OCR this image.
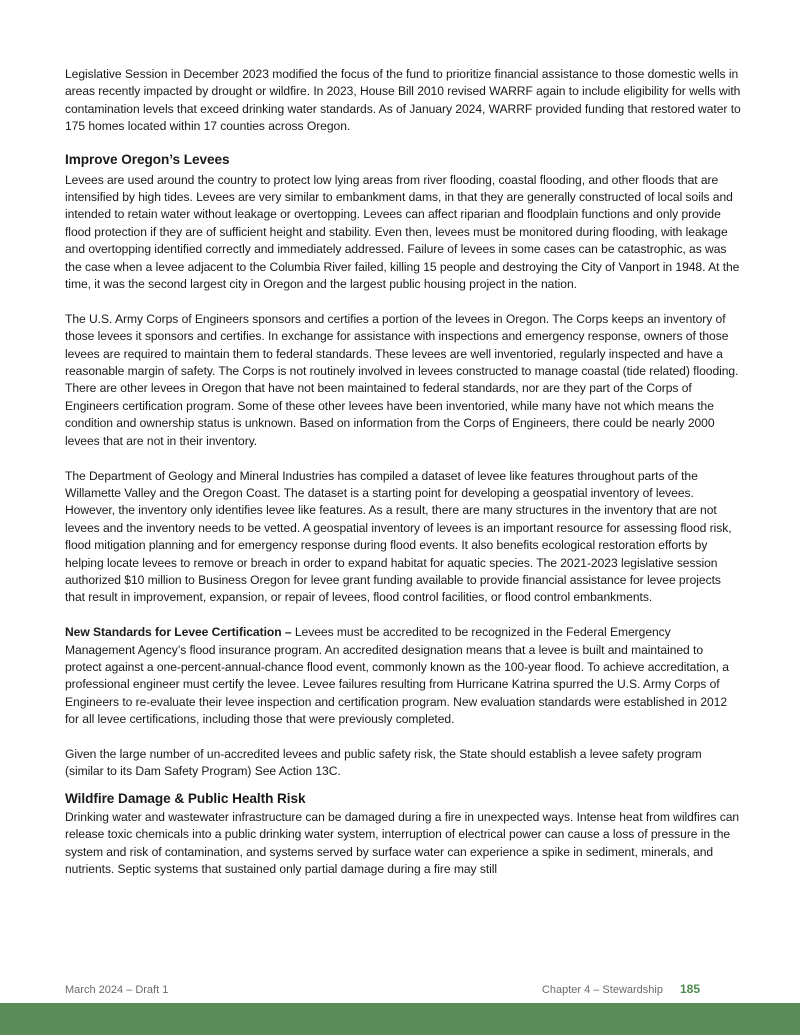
Legislative Session in December 2023 modified the focus of the fund to prioritize financial assistance to those domestic wells in areas recently impacted by drought or wildfire. In 2023, House Bill 2010 revised WARRF again to include eligibility for wells with contamination levels that exceed drinking water standards. As of January 2024, WARRF provided funding that restored water to 175 homes located within 17 counties across Oregon.

Improve Oregon’s Levees

Levees are used around the country to protect low lying areas from river flooding, coastal flooding, and other floods that are intensified by high tides. Levees are very similar to embankment dams, in that they are generally constructed of local soils and intended to retain water without leakage or overtopping. Levees can affect riparian and floodplain functions and only provide flood protection if they are of sufficient height and stability. Even then, levees must be monitored during flooding, with leakage and overtopping identified correctly and immediately addressed. Failure of levees in some cases can be catastrophic, as was the case when a levee adjacent to the Columbia River failed, killing 15 people and destroying the City of Vanport in 1948. At the time, it was the second largest city in Oregon and the largest public housing project in the nation.

The U.S. Army Corps of Engineers sponsors and certifies a portion of the levees in Oregon. The Corps keeps an inventory of those levees it sponsors and certifies. In exchange for assistance with inspections and emergency response, owners of those levees are required to maintain them to federal standards. These levees are well inventoried, regularly inspected and have a reasonable margin of safety. The Corps is not routinely involved in levees constructed to manage coastal (tide related) flooding. There are other levees in Oregon that have not been maintained to federal standards, nor are they part of the Corps of Engineers certification program. Some of these other levees have been inventoried, while many have not which means the condition and ownership status is unknown. Based on information from the Corps of Engineers, there could be nearly 2000 levees that are not in their inventory.

The Department of Geology and Mineral Industries has compiled a dataset of levee like features throughout parts of the Willamette Valley and the Oregon Coast. The dataset is a starting point for developing a geospatial inventory of levees. However, the inventory only identifies levee like features. As a result, there are many structures in the inventory that are not levees and the inventory needs to be vetted. A geospatial inventory of levees is an important resource for assessing flood risk, flood mitigation planning and for emergency response during flood events. It also benefits ecological restoration efforts by helping locate levees to remove or breach in order to expand habitat for aquatic species. The 2021-2023 legislative session authorized $10 million to Business Oregon for levee grant funding available to provide financial assistance for levee projects that result in improvement, expansion, or repair of levees, flood control facilities, or flood control embankments.

New Standards for Levee Certification – Levees must be accredited to be recognized in the Federal Emergency Management Agency’s flood insurance program. An accredited designation means that a levee is built and maintained to protect against a one-percent-annual-chance flood event, commonly known as the 100-year flood. To achieve accreditation, a professional engineer must certify the levee. Levee failures resulting from Hurricane Katrina spurred the U.S. Army Corps of Engineers to re-evaluate their levee inspection and certification program. New evaluation standards were established in 2012 for all levee certifications, including those that were previously completed.

Given the large number of un-accredited levees and public safety risk, the State should establish a levee safety program (similar to its Dam Safety Program) See Action 13C.

Wildfire Damage & Public Health Risk

Drinking water and wastewater infrastructure can be damaged during a fire in unexpected ways. Intense heat from wildfires can release toxic chemicals into a public drinking water system, interruption of electrical power can cause a loss of pressure in the system and risk of contamination, and systems served by surface water can experience a spike in sediment, minerals, and nutrients. Septic systems that sustained only partial damage during a fire may still

March 2024 – Draft 1	Chapter 4 – Stewardship 185
